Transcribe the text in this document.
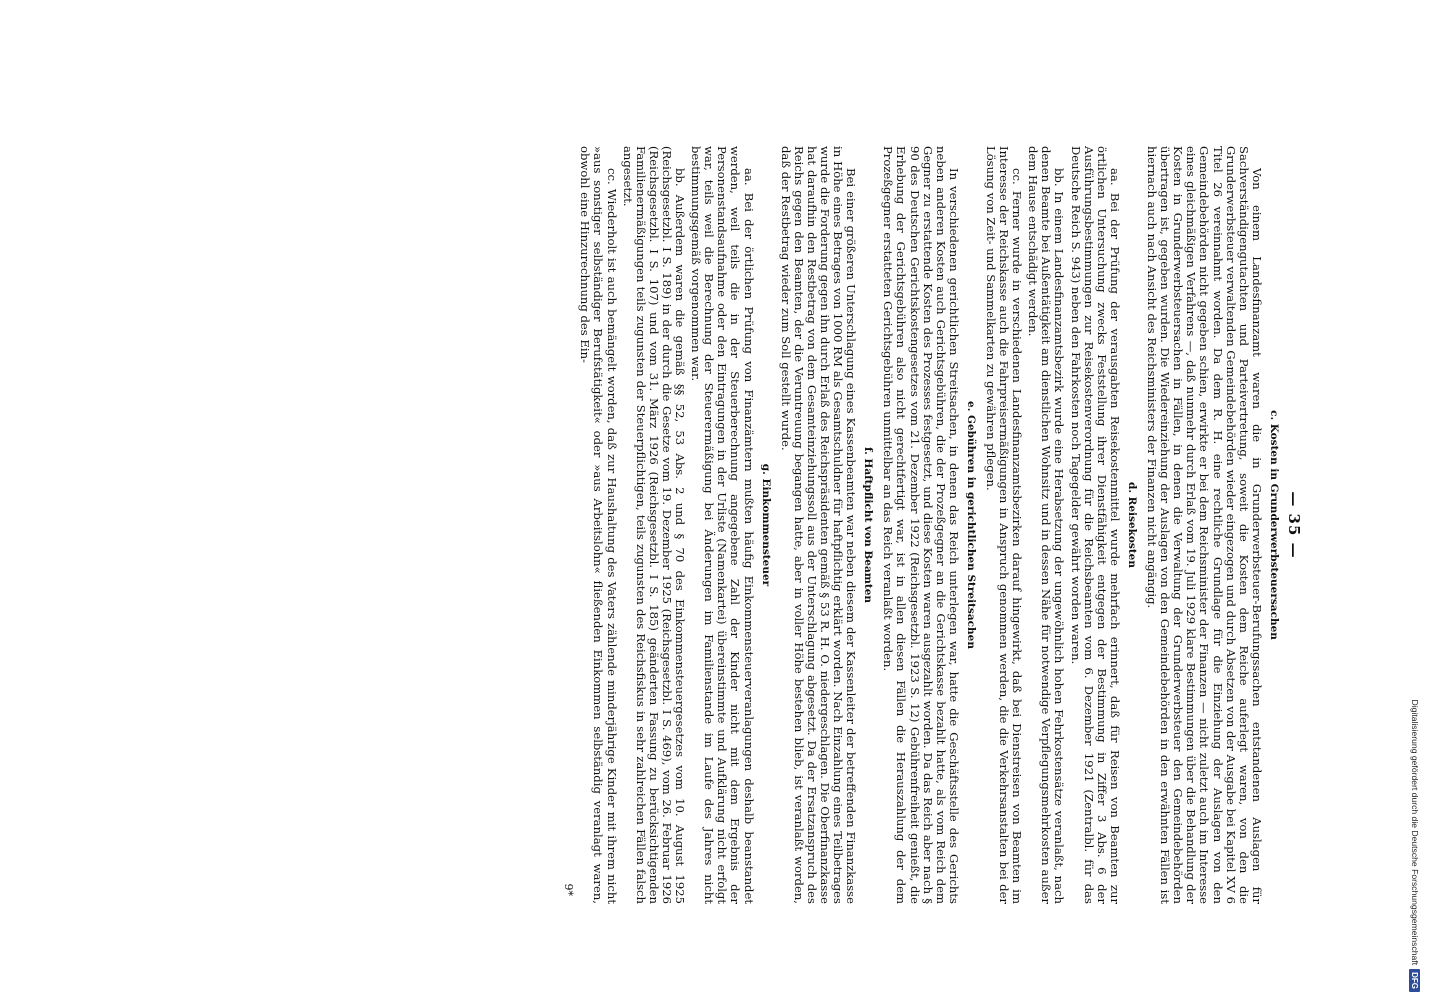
— 35 —
c. Kosten in Grunderwerbsteuersachen

Von einem Landesfinanzamt waren die in Grunderwerbsteuer-Berufungssachen entstandenen Auslagen für Sachverständigengutachten und Parteivertretung, soweit die Kosten dem Reiche auferlegt waren, von den die Grunderwerbsteuer verwaltenden Gemeindebehörden wieder eingezogen und durch Absetzen von der Ausgabe bei Kapitel XV 6 Titel 26 vereinnahmt worden. Da dem R. H. eine rechtliche Grundlage für die Einziehung der Auslagen von den Gemeindebehörden nicht gegeben schien, erwirkte er bei dem Reichsminister der Finanzen — nicht zuletzt auch im Interesse eines gleichmäßigen Verfahrens —, daß nunmehr durch Erlaß vom 19. Juli 1929 klare Bestimmungen über die Behandlung der Kosten in Grunderwerbsteuersachen in Fällen, in denen die Verwaltung der Grunderwerbsteuer den Gemeindebehörden übertragen ist, gegeben wurden. Die Wiedereinziehung der Auslagen von den Gemeindebehörden in den erwähnten Fällen ist hiernach auch nach Ansicht des Reichsministers der Finanzen nicht angängig.

d. Reisekosten

aa. Bei der Prüfung der verausgabten Reisekostenmittel wurde mehrfach erinnert, daß für Reisen von Beamten zur örtlichen Untersuchung zwecks Feststellung ihrer Dienstfähigkeit entgegen der Bestimmung in Ziffer 3 Abs. 6 der Ausführungsbestimmungen zur Reisekostenverordnung für die Reichsbeamten vom 6. Dezember 1921 (Zentralbl. für das Deutsche Reich S. 943) neben den Fahrkosten noch Tagegelder gewährt worden waren.

bb. In einem Landesfinanzamtsbezirk wurde eine Herabsetzung der ungewöhnlich hohen Fehrkostensätze veranlaßt, nach denen Beamte bei Außentätigkeit am dienstlichen Wohnsitz und in dessen Nähe für notwendige Verpflegungsmehrkosten außer dem Hause entschädigt werden.

cc. Ferner wurde in verschiedenen Landesfinanzamtsbezirken darauf hingewirkt, daß bei Dienstreisen von Beamten im Interesse der Reichskasse auch die Fahrpreisermäßigungen in Anspruch genommen werden, die die Verkehrsanstalten bei der Lösung von Zeit- und Sammelkarten zu gewähren pflegen.

e. Gebühren in gerichtlichen Streitsachen

In verschiedenen gerichtlichen Streitsachen, in denen das Reich unterlegen war, hatte die Geschäftsstelle des Gerichts neben anderen Kosten auch Gerichtsgebühren, die der Prozeßgegner an die Gerichtskasse bezahlt hatte, als vom Reich dem Gegner zu erstattende Kosten des Prozesses festgesetzt, und diese Kosten waren ausgezahlt worden. Da das Reich aber nach § 90 des Deutschen Gerichtskostengesetzes vom 21. Dezember 1922 (Reichsgesetzbl. 1923 S. 12) Gebührenfreiheit genießt, die Erhebung der Gerichtsgebühren also nicht gerechtfertigt war, ist in allen diesen Fällen die Herauszahlung der dem Prozeßgegner erstatteten Gerichtsgebühren unmittelbar an das Reich veranlaßt worden.

f. Haftpflicht von Beamten

Bei einer größeren Unterschlagung eines Kassenbeamten war neben diesem der Kassenleiter der betreffenden Finanzkasse in Höhe eines Betrages von 1000 RM als Gesamtschuldner für haftpflichtig erklärt worden. Nach Einzahlung eines Teilbetrages wurde die Forderung gegen ihn durch Erlaß des Reichspräsidenten gemäß § 53 R. H. O. niedergeschlagen. Die Oberfinanzkasse hat daraufhin den Restbetrag von dem Gesamteinziehungssoll aus der Unterschlagung abgesetzt. Da der Ersatzanspruch des Reichs gegen den Beamten, der die Veruntreuung begangen hatte, aber in voller Höhe bestehen blieb, ist veranlaßt worden, daß der Restbetrag wieder zum Soll gestellt wurde.

g. Einkommensteuer

aa. Bei der örtlichen Prüfung von Finanzämtern mußten häufig Einkommensteuerveranlagungen deshalb beanstandet werden, weil teils die in der Steuerberechnung angegebene Zahl der Kinder nicht mit dem Ergebnis der Personenstandsaufnahme oder den Eintragungen in der Urliste (Namenkartei) übereinstimmte und Aufklärung nicht erfolgt war, teils weil die Berechnung der Steuerermäßigung bei Änderungen im Familienstande im Laufe des Jahres nicht bestimmungsgemäß vorgenommen war.

bb. Außerdem waren die gemäß §§ 52, 53 Abs. 2 und § 70 des Einkommensteuergesetzes vom 10. August 1925 (Reichsgesetzbl. I S. 189) in der durch die Gesetze vom 19. Dezember 1925 (Reichsgesetzbl. I S. 469), vom 26. Februar 1926 (Reichsgesetzbl. I S. 107) und vom 31. März 1926 (Reichsgesetzbl. I S. 185) geänderten Fassung zu berücksichtigenden Familienermäßigungen teils zugunsten der Steuerpflichtigen, teils zugunsten des Reichsfiskus in sehr zahlreichen Fällen falsch angesetzt.

cc. Wiederholt ist auch bemängelt worden, daß zur Haushaltung des Vaters zählende minderjährige Kinder mit ihrem nicht »aus sonstiger selbständiger Berufstätigkeit« oder »aus Arbeitslohn« fließenden Einkommen selbständig veranlagt waren, obwohl eine Hinzurechnung des Ein-

9*	Digitalisierung gefördert durch die Deutsche Forschungsgemeinschaft
DFG
